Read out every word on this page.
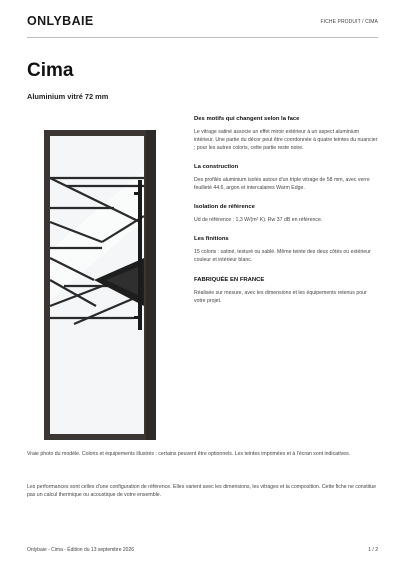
ONLYBAIE	FICHE PRODUIT / CIMA
Cima
Aluminium vitré 72 mm
Des motifs qui changent selon la face

Le vitrage satiné associe un effet miroir extérieur à un aspect aluminium intérieur. Une partie du décor peut être coordonnée à quatre teintes du nuancier ; pour les autres coloris, cette partie reste noire.

La construction

Des profilés aluminium isolés autour d'un triple vitrage de 58 mm, avec verre feuilleté 44.6, argon et intercalaires Warm Edge.

Isolation de référence

Ud de référence : 1,3 W/(m² K). Rw 37 dB en référence.

Les finitions

15 coloris : satiné, texturé ou sablé. Même teinte des deux côtés ou extérieur couleur et intérieur blanc.

FABRIQUÉE EN FRANCE

Réalisée sur mesure, avec les dimensions et les équipements retenus pour votre projet.

Vraie photo du modèle. Coloris et équipements illustrés : certains peuvent être optionnels. Les teintes imprimées et à l'écran sont indicatives.
Les performances sont celles d'une configuration de référence. Elles varient avec les dimensions, les vitrages et la composition. Cette fiche ne constitue pas un calcul thermique ou acoustique de votre ensemble.
Onlybaie - Cima - Édition du 13 septembre 2026	1 / 2
